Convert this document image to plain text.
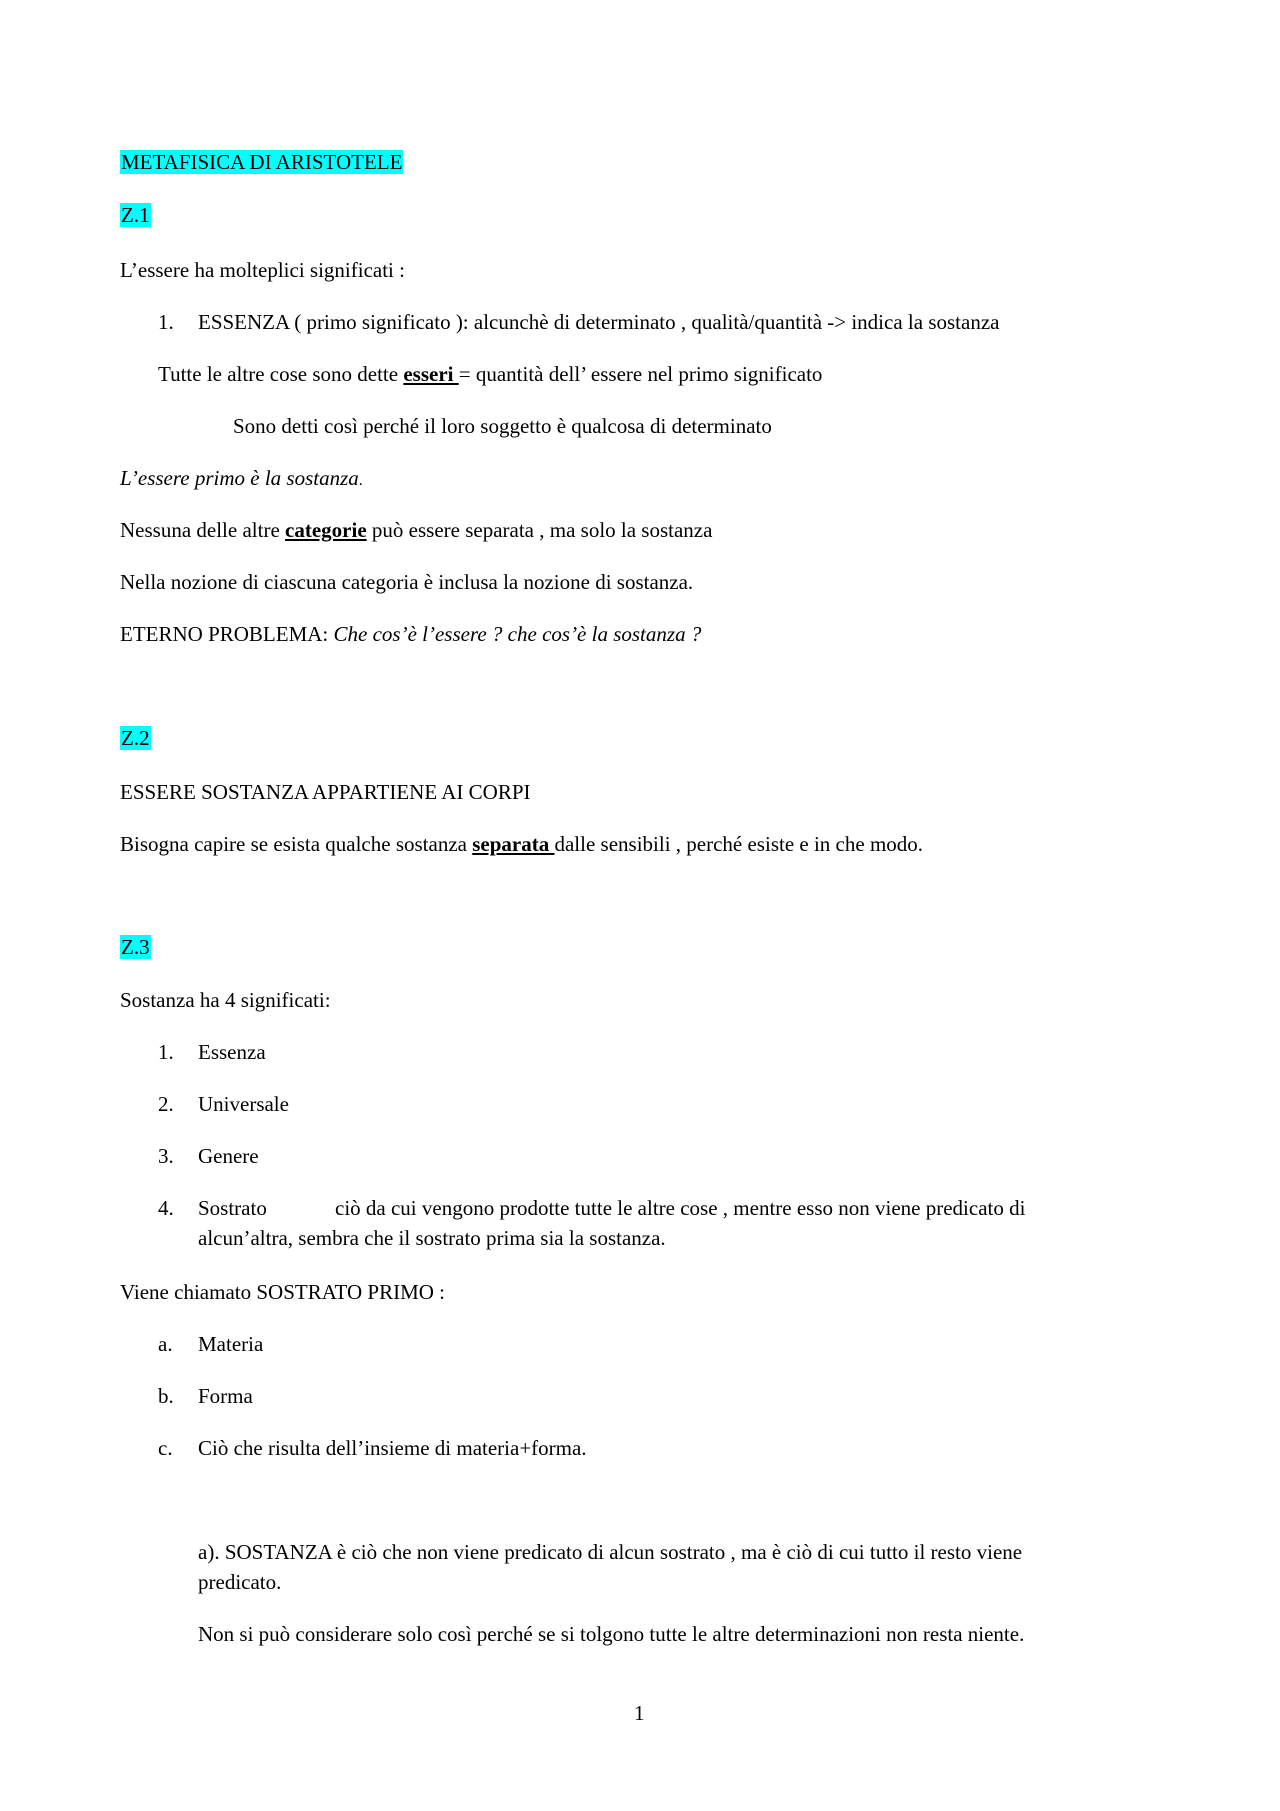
METAFISICA DI ARISTOTELE
Z.1
L’essere ha molteplici significati :
1. ESSENZA ( primo significato ): alcunchè di determinato , qualità/quantità -> indica la sostanza
Tutte le altre cose sono dette esseri = quantità dell’ essere nel primo significato
Sono detti così perché il loro soggetto è qualcosa di determinato
L’essere primo è la sostanza.
Nessuna delle altre categorie può essere separata , ma solo la sostanza
Nella nozione di ciascuna categoria è inclusa la nozione di sostanza.
ETERNO PROBLEMA: Che cos’è l’essere ? che cos’è la sostanza ?
Z.2
ESSERE SOSTANZA APPARTIENE AI CORPI
Bisogna capire se esista qualche sostanza separata dalle sensibili , perché esiste e in che modo.
Z.3
Sostanza ha 4 significati:
1. Essenza
2. Universale
3. Genere
4. Sostrato	ciò da cui vengono prodotte tutte le altre cose , mentre esso non viene predicato di
alcun’altra, sembra che il sostrato prima sia la sostanza.
Viene chiamato SOSTRATO PRIMO :
a. Materia
b. Forma
c. Ciò che risulta dell’insieme di materia+forma.
a). SOSTANZA è ciò che non viene predicato di alcun sostrato , ma è ciò di cui tutto il resto viene
predicato.
Non si può considerare solo così perché se si tolgono tutte le altre determinazioni non resta niente.
1
